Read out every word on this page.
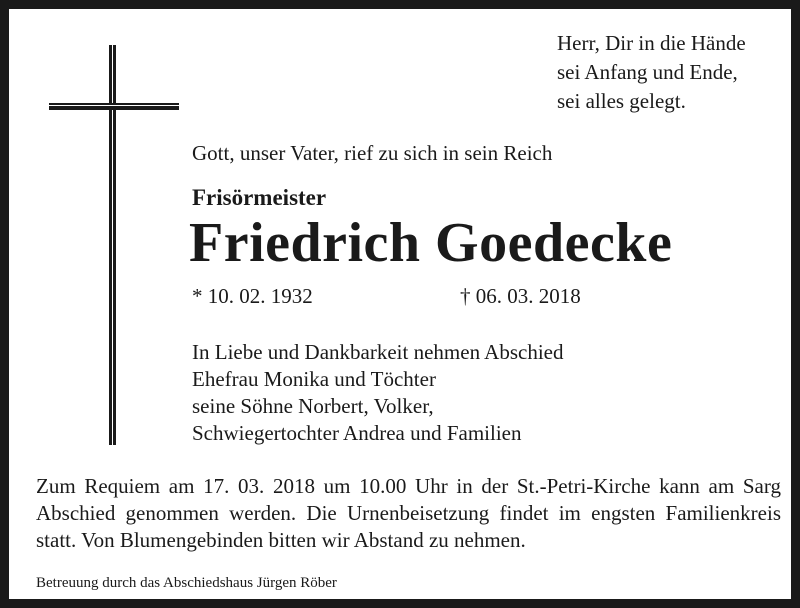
Herr, Dir in die Hände
sei Anfang und Ende,
sei alles gelegt.
Gott, unser Vater, rief zu sich in sein Reich
Frisörmeister
Friedrich Goedecke
* 10. 02. 1932	† 06. 03. 2018
In Liebe und Dankbarkeit nehmen Abschied
Ehefrau Monika und Töchter
seine Söhne Norbert, Volker,
Schwiegertochter Andrea und Familien
Zum Requiem am 17. 03. 2018 um 10.00 Uhr in der St.-Petri-Kirche kann am Sarg Abschied genommen werden. Die Urnenbeisetzung findet im engsten Familienkreis statt. Von Blumengebinden bitten wir Abstand zu nehmen.
Betreuung durch das Abschiedshaus Jürgen Röber
